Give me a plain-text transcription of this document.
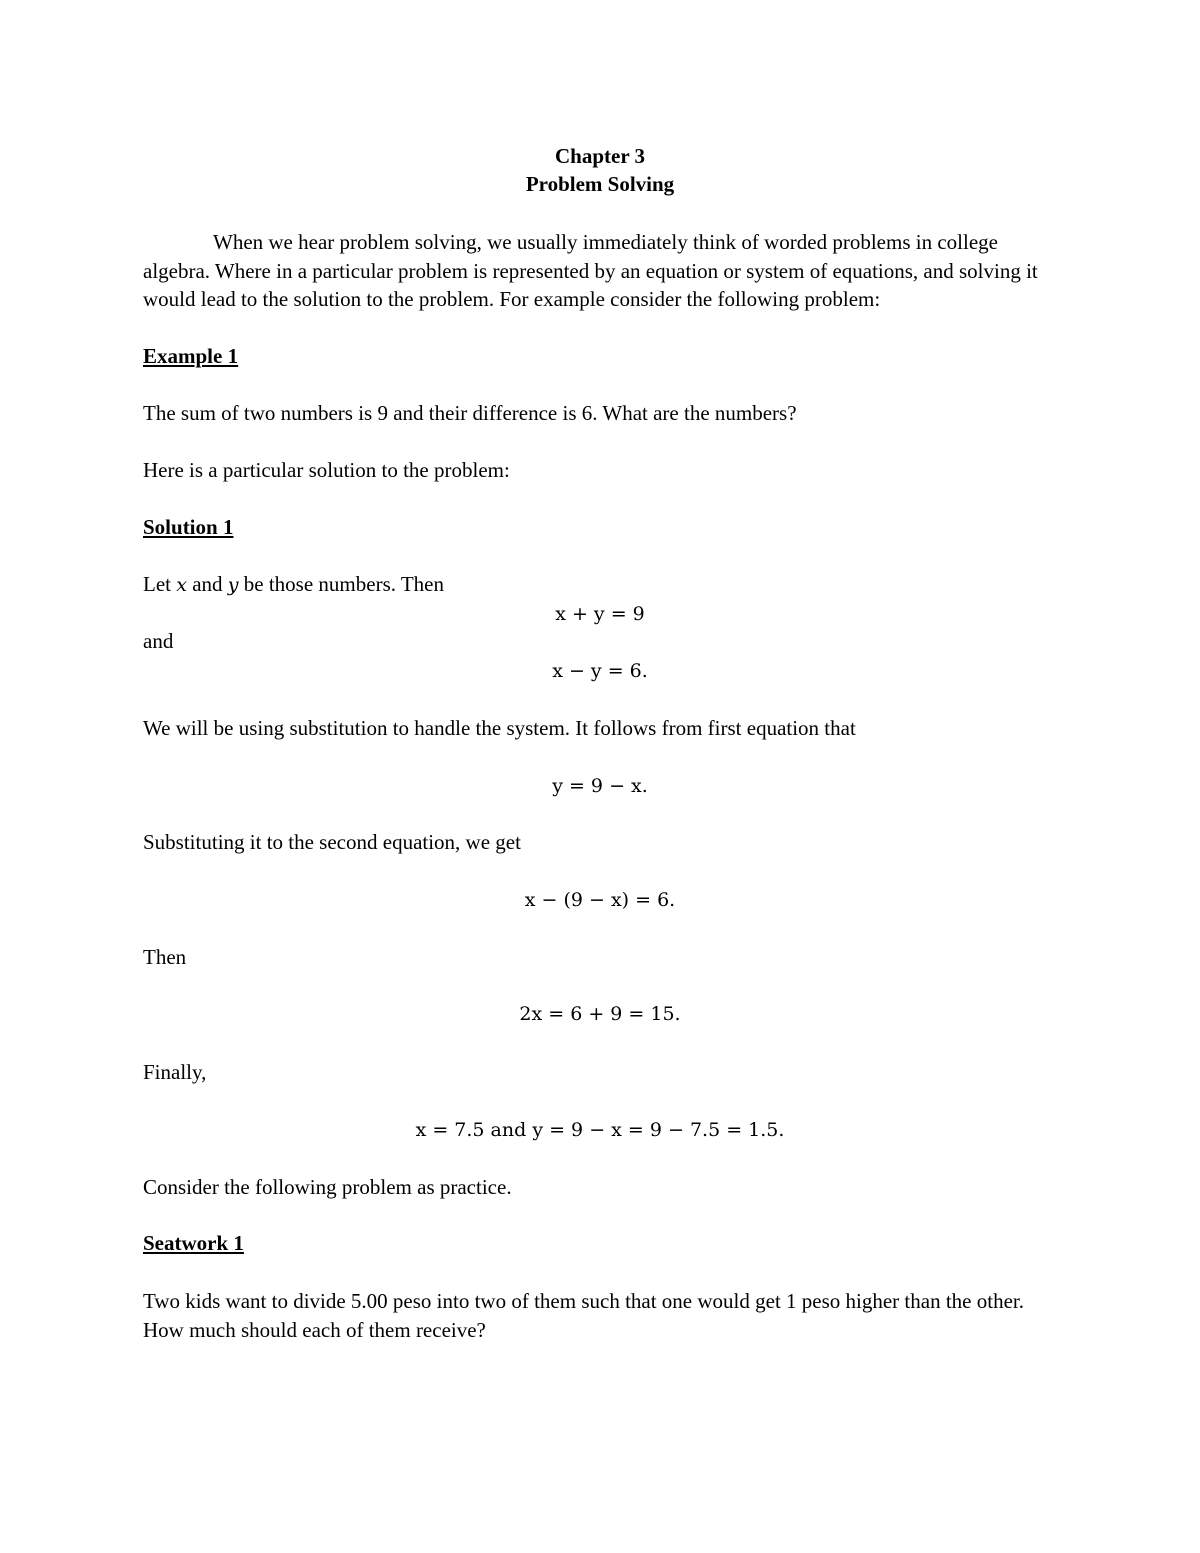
Chapter 3
Problem Solving
When we hear problem solving, we usually immediately think of worded problems in college algebra. Where in a particular problem is represented by an equation or system of equations, and solving it would lead to the solution to the problem. For example consider the following problem:
Example 1
The sum of two numbers is 9 and their difference is 6. What are the numbers?
Here is a particular solution to the problem:
Solution 1
Let x and y be those numbers. Then
x + y = 9
and
x − y = 6.
We will be using substitution to handle the system. It follows from first equation that
y = 9 − x.
Substituting it to the second equation, we get
x − (9 − x) = 6.
Then
2x = 6 + 9 = 15.
Finally,
x = 7.5 and y = 9 − x = 9 − 7.5 = 1.5.
Consider the following problem as practice.
Seatwork 1
Two kids want to divide 5.00 peso into two of them such that one would get 1 peso higher than the other. How much should each of them receive?
